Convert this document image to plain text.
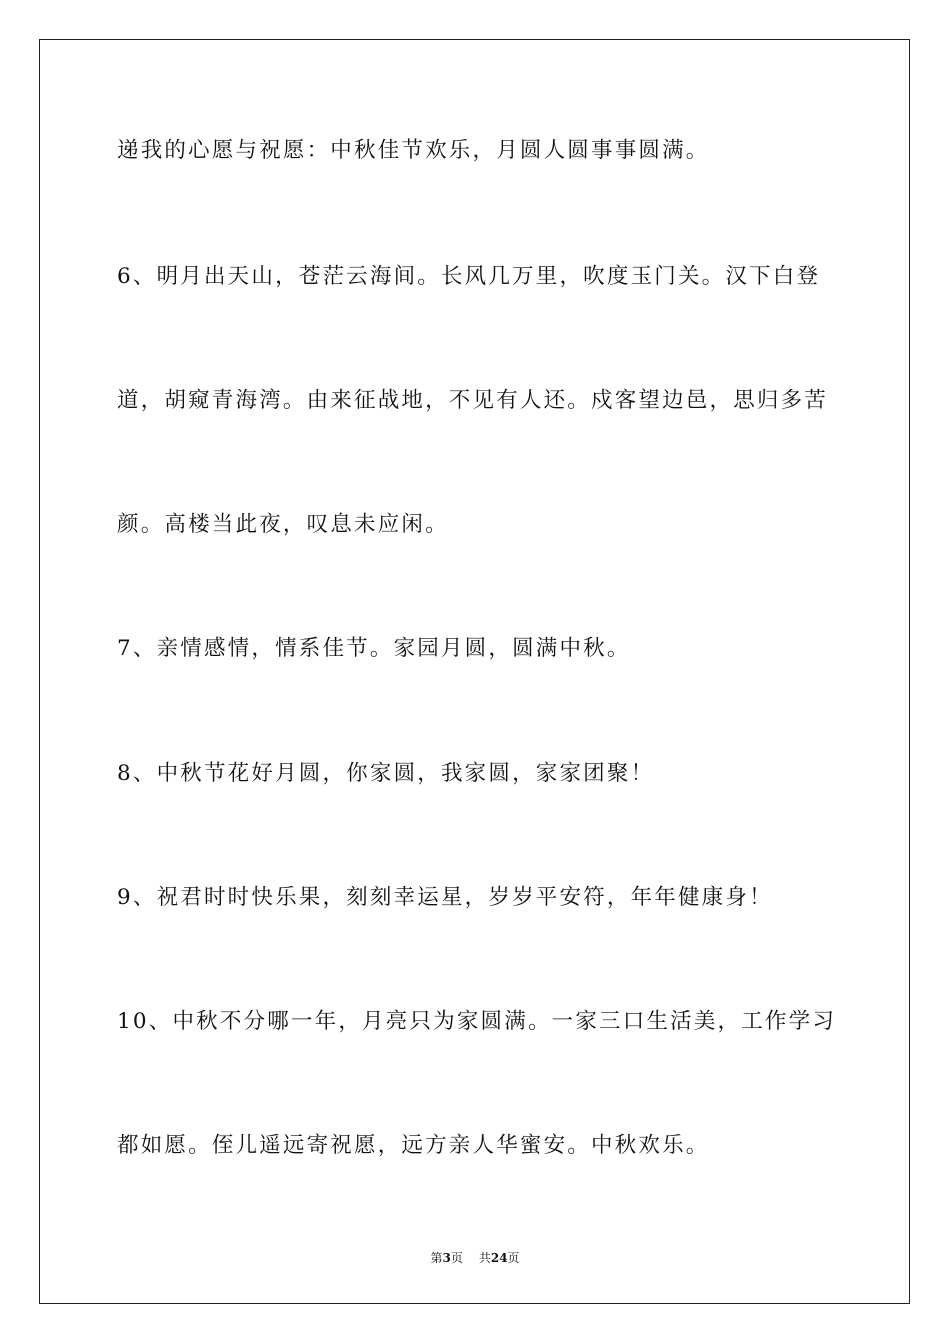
递我的心愿与祝愿：中秋佳节欢乐，月圆人圆事事圆满。
6、明月出天山，苍茫云海间。长风几万里，吹度玉门关。汉下白登
道，胡窥青海湾。由来征战地，不见有人还。戍客望边邑，思归多苦
颜。高楼当此夜，叹息未应闲。
7、亲情感情，情系佳节。家园月圆，圆满中秋。
8、中秋节花好月圆，你家圆，我家圆，家家团聚！
9、祝君时时快乐果，刻刻幸运星，岁岁平安符，年年健康身！
10、中秋不分哪一年，月亮只为家圆满。一家三口生活美，工作学习
都如愿。侄儿遥远寄祝愿，远方亲人华蜜安。中秋欢乐。
第3页 共24页
